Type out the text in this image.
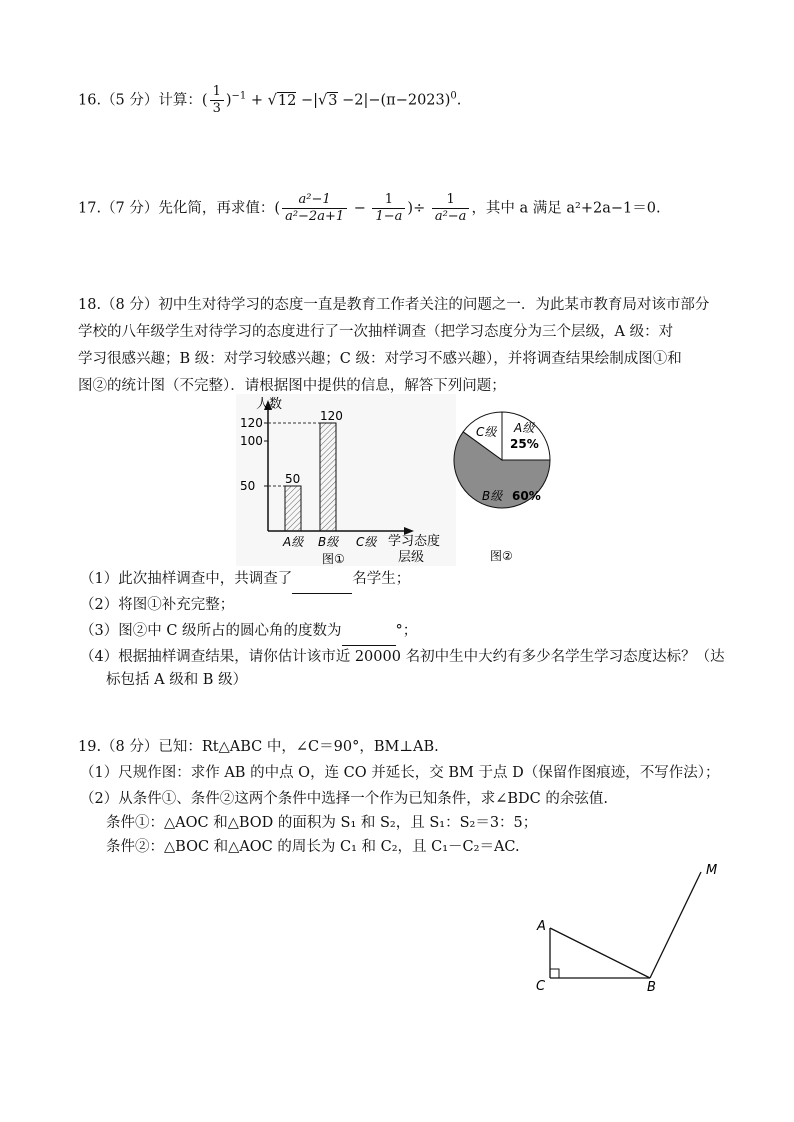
16.（5 分）计算：( $\frac{1}{3} )^{-1} + √12 -|√3 -2|-(\pi-2023)^0$.
17.（7 分）先化简，再求值：( $\frac{\text{a²−1}}{\text{a²−2a+1}} - \frac{1}{1-a}$ )÷ $\frac{1}{\text{a²−a}}$ ，其中 a 满足 a²+2a−1＝0.
18.（8 分）初中生对待学习的态度一直是教育工作者关注的问题之一．为此某市教育局对该市部分
学校的八年级学生对待学习的态度进行了一次抽样调查（把学习态度分为三个层级，A 级：对
学习很感兴趣；B 级：对学习较感兴趣；C 级：对学习不感兴趣），并将调查结果绘制成图①和
图②的统计图（不完整）．请根据图中提供的信息，解答下列问题；
人数
50
100
120
50
A级
120
B级 C级 学习态度
层级
图①
A级
25%
B级 60%
C级
图②
（1）此次抽样调查中，共调查了	名学生；
（2）将图①补充完整；
（3）图②中 C 级所占的圆心角的度数为	°；
（4）根据抽样调查结果，请你估计该市近 20000 名初中生中大约有多少名学生学习态度达标？（达
标包括 A 级和 B 级）
19.（8 分）已知：Rt△ABC 中，∠C＝90°，BM⊥AB.
（1）尺规作图：求作 AB 的中点 O，连 CO 并延长，交 BM 于点 D（保留作图痕迹，不写作法）；
（2）从条件①、条件②这两个条件中选择一个作为已知条件，求∠BDC 的余弦值.
条件①：△AOC 和△BOD 的面积为 S₁ 和 S₂，且 S₁：S₂＝3：5；
条件②：△BOC 和△AOC 的周长为 C₁ 和 C₂，且 C₁－C₂＝AC.
A
C	B
M
